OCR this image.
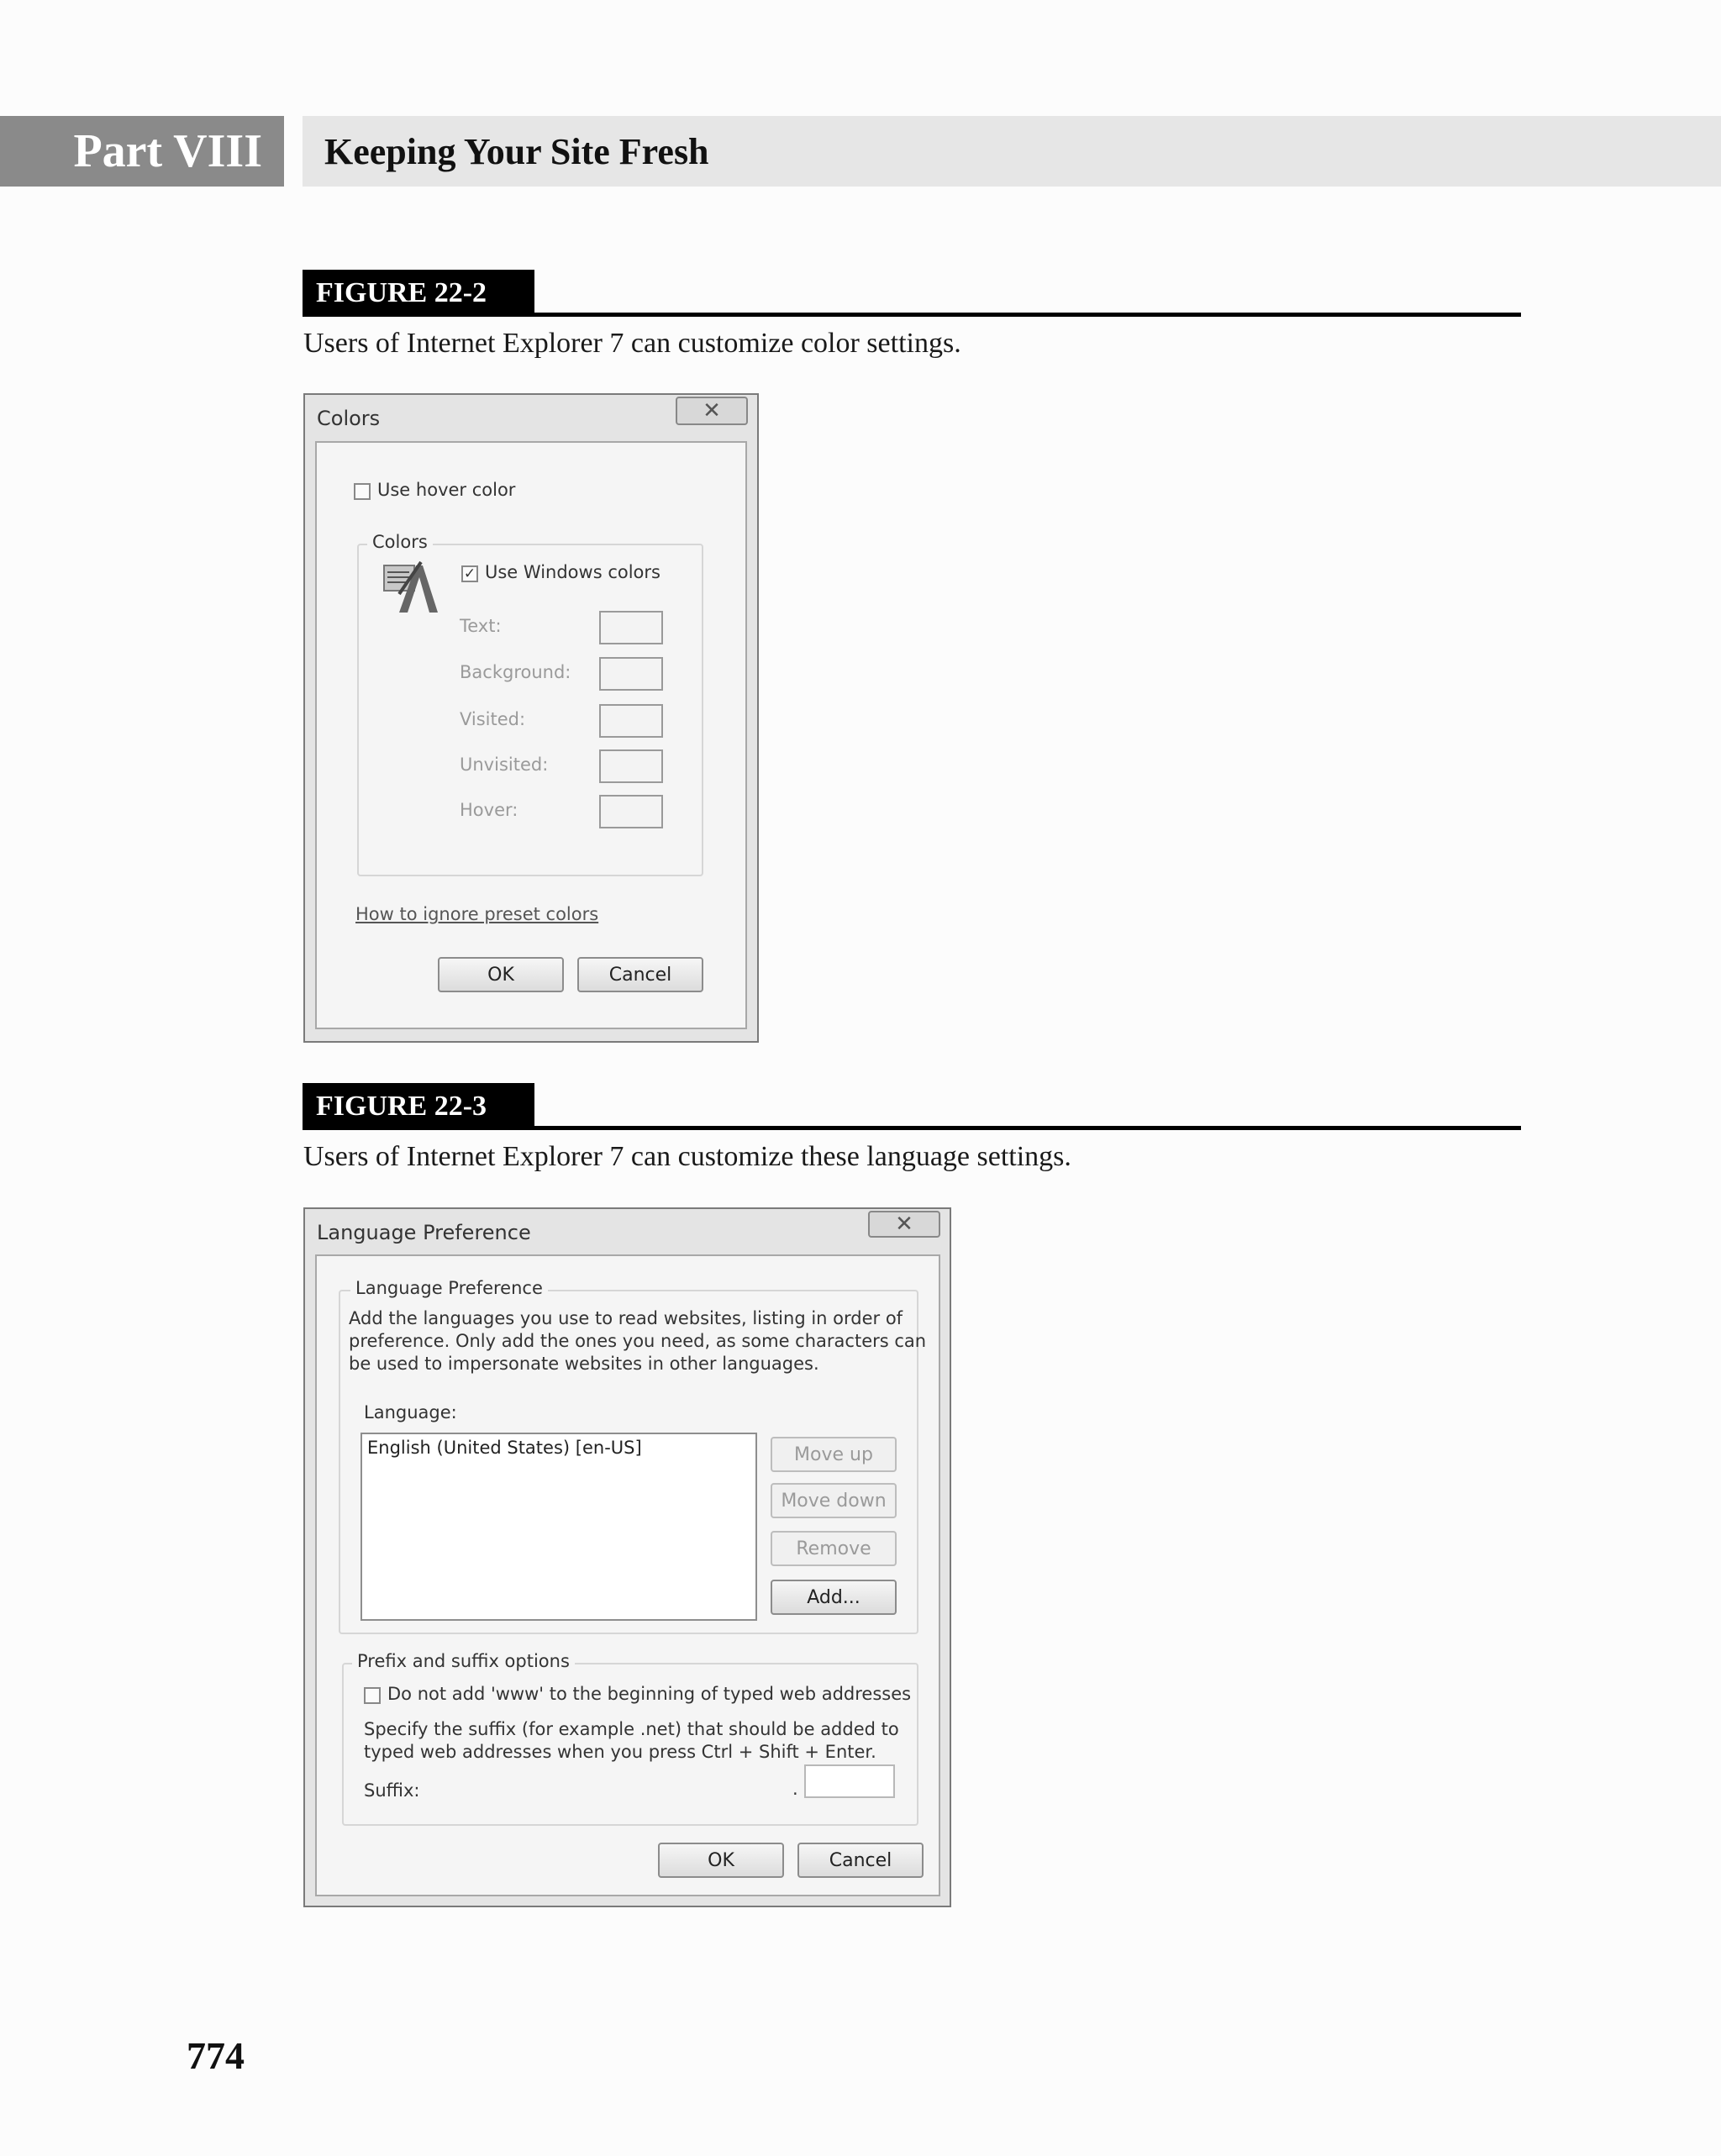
Part VIII Keeping Your Site Fresh
FIGURE 22-2
Users of Internet Explorer 7 can customize color settings.
Colors	✕
Use hover color
Colors
✓ Use Windows colors
Text:
Background:
Visited:
Unvisited:
Hover:
How to ignore preset colors
OK	Cancel
FIGURE 22-3
Users of Internet Explorer 7 can customize these language settings.
Language Preference	✕
Language Preference
Add the languages you use to read websites, listing in order of
preference. Only add the ones you need, as some characters can
be used to impersonate websites in other languages.
Language:
English (United States) [en-US]	Move up
Move down
Remove
Add...
Prefix and suffix options
Do not add 'www' to the beginning of typed web addresses
Specify the suffix (for example .net) that should be added to
typed web addresses when you press Ctrl + Shift + Enter.
Suffix:	.
OK	Cancel
774
